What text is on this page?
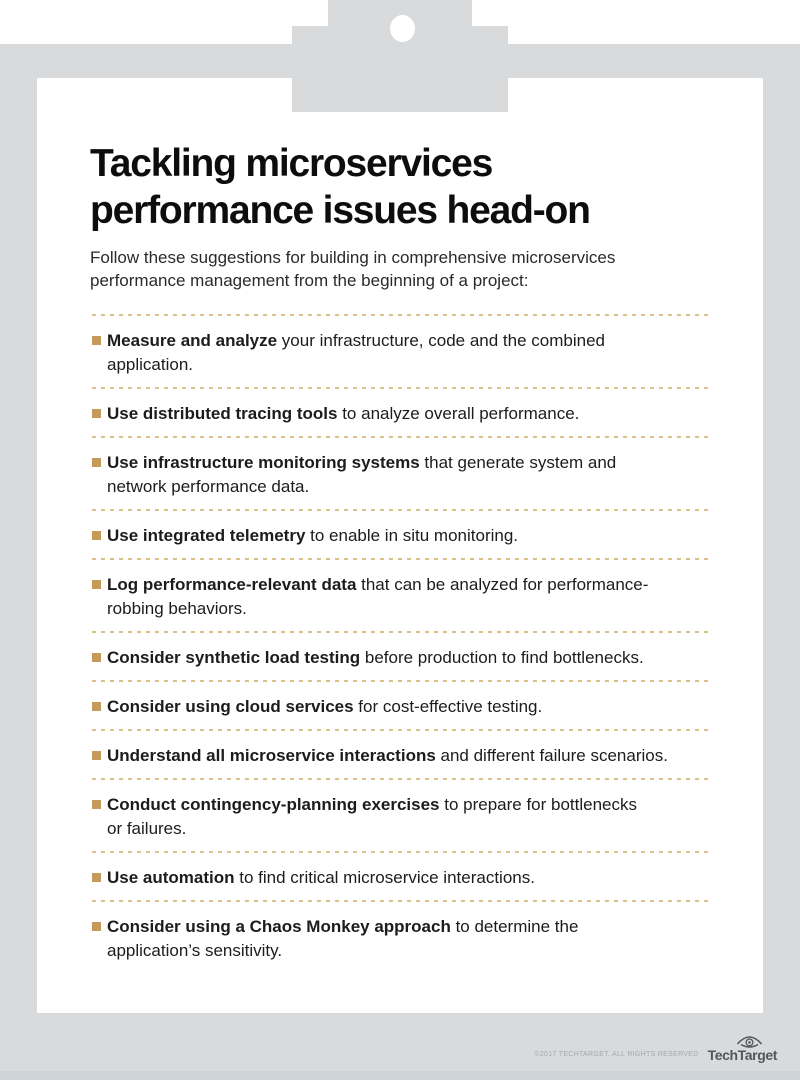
Tackling microservices
performance issues head-on

Follow these suggestions for building in comprehensive microservices
performance management from the beginning of a project:

Measure and analyze your infrastructure, code and the combined
application.

Use distributed tracing tools to analyze overall performance.

Use infrastructure monitoring systems that generate system and
network performance data.

Use integrated telemetry to enable in situ monitoring.

Log performance-relevant data that can be analyzed for performance-
robbing behaviors.

Consider synthetic load testing before production to find bottlenecks.

Consider using cloud services for cost-effective testing.

Understand all microservice interactions and different failure scenarios.

Conduct contingency-planning exercises to prepare for bottlenecks
or failures.

Use automation to find critical microservice interactions.

Consider using a Chaos Monkey approach to determine the
application’s sensitivity.

©2017 TECHTARGET. ALL RIGHTS RESERVED TechTarget
